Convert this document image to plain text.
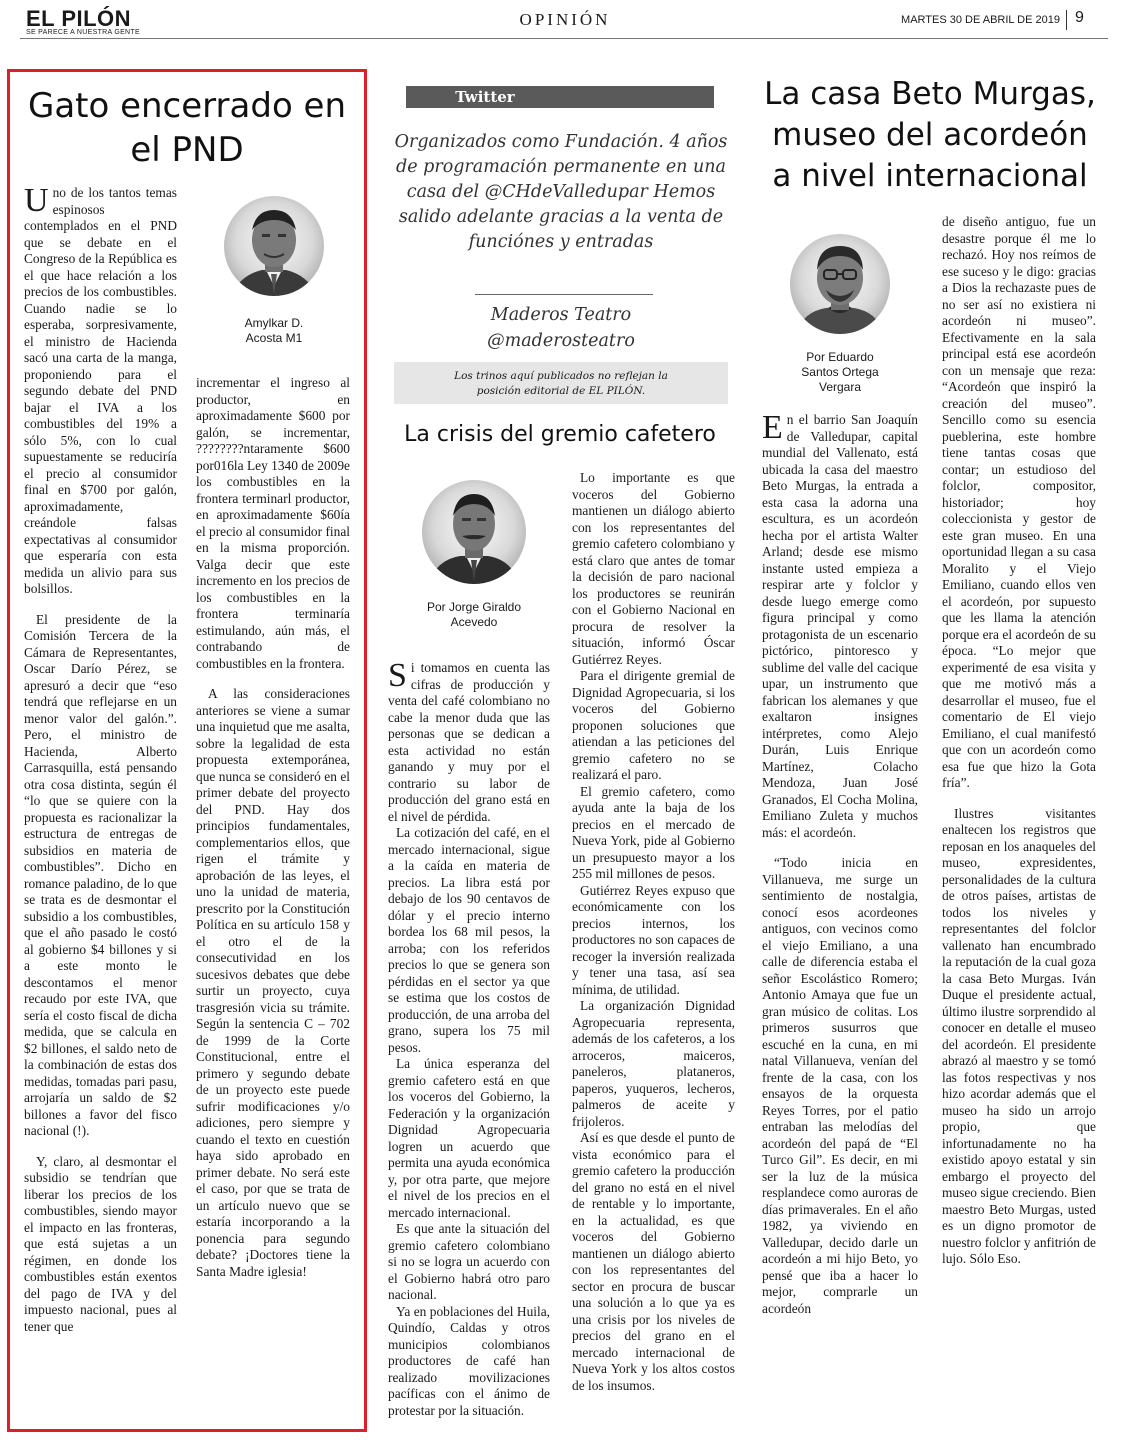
EL PILÓN
SE PARECE A NUESTRA GENTE
OPINIÓN	MARTES 30 DE ABRIL DE 2019 9
Gato encerrado en
el PND
Amylkar D.
Acosta M1

Uno de los tantos temas espinosos contemplados en el PND que se debate en el Congreso de la República es el que hace relación a los precios de los combustibles. Cuando nadie se lo esperaba, sorpresivamente, el ministro de Hacienda sacó una carta de la manga, proponiendo para el segundo debate del PND bajar el IVA a los combustibles del 19% a sólo 5%, con lo cual supuestamente se reduciría el precio al consumidor final en $700 por galón, aproximadamente, creándole falsas expectativas al consumidor que esperaría con esta medida un alivio para sus bolsillos.

El presidente de la Comisión Tercera de la Cámara de Representantes, Oscar Darío Pérez, se apresuró a decir que “eso tendrá que reflejarse en un menor valor del galón.”. Pero, el ministro de Hacienda, Alberto Carrasquilla, está pensando otra cosa distinta, según él “lo que se quiere con la propuesta es racionalizar la estructura de entregas de subsidios en materia de combustibles”. Dicho en romance paladino, de lo que se trata es de desmontar el subsidio a los combustibles, que el año pasado le costó al gobierno $4 billones y si a este monto le descontamos el menor recaudo por este IVA, que sería el costo fiscal de dicha medida, que se calcula en $2 billones, el saldo neto de la combinación de estas dos medidas, tomadas pari pasu, arrojaría un saldo de $2 billones a favor del fisco nacional (!).

Y, claro, al desmontar el subsidio se tendrían que liberar los precios de los combustibles, siendo mayor el impacto en las fronteras, que está sujetas a un régimen, en donde los combustibles están exentos del pago de IVA y del impuesto nacional, pues al tener que

incrementar el ingreso al productor, en aproximadamente $600 por galón, se incrementar, ????????ntaramente $600 por016la Ley 1340 de 2009e los combustibles en la frontera terminarl productor, en aproximadamente $60ía el precio al consumidor final en la misma proporción. Valga decir que este incremento en los precios de los combustibles en la frontera terminaría estimulando, aún más, el contrabando de combustibles en la frontera.

A las consideraciones anteriores se viene a sumar una inquietud que me asalta, sobre la legalidad de esta propuesta extemporánea, que nunca se consideró en el primer debate del proyecto del PND. Hay dos principios fundamentales, complementarios ellos, que rigen el trámite y aprobación de las leyes, el uno la unidad de materia, prescrito por la Constitución Política en su artículo 158 y el otro el de la consecutividad en los sucesivos debates que debe surtir un proyecto, cuya trasgresión vicia su trámite. Según la sentencia C – 702 de 1999 de la Corte Constitucional, entre el primero y segundo debate de un proyecto este puede sufrir modificaciones y/o adiciones, pero siempre y cuando el texto en cuestión haya sido aprobado en primer debate. No será este el caso, por que se trata de un artículo nuevo que se estaría incorporando a la ponencia para segundo debate? ¡Doctores tiene la Santa Madre iglesia!

Twitter
Organizados como Fundación. 4 años de programación permanente en una casa del @CHdeValledupar Hemos salido adelante gracias a la venta de funciónes y entradas
Maderos Teatro
@maderosteatro
Los trinos aquí publicados no reflejan la
posición editorial de EL PILÓN.
La crisis del gremio cafetero
Por Jorge Giraldo
Acevedo

Si tomamos en cuenta las cifras de producción y venta del café colombiano no cabe la menor duda que las personas que se dedican a esta actividad no están ganando y muy por el contrario su labor de producción del grano está en el nivel de pérdida.

La cotización del café, en el mercado internacional, sigue a la caída en materia de precios. La libra está por debajo de los 90 centavos de dólar y el precio interno bordea los 68 mil pesos, la arroba; con los referidos precios lo que se genera son pérdidas en el sector ya que se estima que los costos de producción, de una arroba del grano, supera los 75 mil pesos.

La única esperanza del gremio cafetero está en que los voceros del Gobierno, la Federación y la organización Dignidad Agropecuaria logren un acuerdo que permita una ayuda económica y, por otra parte, que mejore el nivel de los precios en el mercado internacional.

Es que ante la situación del gremio cafetero colombiano si no se logra un acuerdo con el Gobierno habrá otro paro nacional.

Ya en poblaciones del Huila, Quindío, Caldas y otros municipios colombianos productores de café han realizado movilizaciones pacíficas con el ánimo de protestar por la situación.

Lo importante es que voceros del Gobierno mantienen un diálogo abierto con los representantes del gremio cafetero colombiano y está claro que antes de tomar la decisión de paro nacional los productores se reunirán con el Gobierno Nacional en procura de resolver la situación, informó Óscar Gutiérrez Reyes.

Para el dirigente gremial de Dignidad Agropecuaria, si los voceros del Gobierno proponen soluciones que atiendan a las peticiones del gremio cafetero no se realizará el paro.

El gremio cafetero, como ayuda ante la baja de los precios en el mercado de Nueva York, pide al Gobierno un presupuesto mayor a los 255 mil millones de pesos.

Gutiérrez Reyes expuso que económicamente con los precios internos, los productores no son capaces de recoger la inversión realizada y tener una tasa, así sea mínima, de utilidad.

La organización Dignidad Agropecuaria representa, además de los cafeteros, a los arroceros, maiceros, paneleros, plataneros, paperos, yuqueros, lecheros, palmeros de aceite y frijoleros.

Así es que desde el punto de vista económico para el gremio cafetero la producción del grano no está en el nivel de rentable y lo importante, en la actualidad, es que voceros del Gobierno mantienen un diálogo abierto con los representantes del sector en procura de buscar una solución a lo que ya es una crisis por los niveles de precios del grano en el mercado internacional de Nueva York y los altos costos de los insumos.

La casa Beto Murgas,
museo del acordeón
a nivel internacional
Por Eduardo
Santos Ortega
Vergara

En el barrio San Joaquín de Valledupar, capital mundial del Vallenato, está ubicada la casa del maestro Beto Murgas, la entrada a esta casa la adorna una escultura, es un acordeón hecha por el artista Walter Arland; desde ese mismo instante usted empieza a respirar arte y folclor y desde luego emerge como figura principal y como protagonista de un escenario pictórico, pintoresco y sublime del valle del cacique upar, un instrumento que fabrican los alemanes y que exaltaron insignes intérpretes, como Alejo Durán, Luis Enrique Martínez, Colacho Mendoza, Juan José Granados, El Cocha Molina, Emiliano Zuleta y muchos más: el acordeón.

“Todo inicia en Villanueva, me surge un sentimiento de nostalgia, conocí esos acordeones antiguos, con vecinos como el viejo Emiliano, a una calle de diferencia estaba el señor Escolástico Romero; Antonio Amaya que fue un gran músico de colitas. Los primeros susurros que escuché en la cuna, en mi natal Villanueva, venían del frente de la casa, con los ensayos de la orquesta Reyes Torres, por el patio entraban las melodías del acordeón del papá de “El Turco Gil”. Es decir, en mi ser la luz de la música resplandece como auroras de días primaverales. En el año 1982, ya viviendo en Valledupar, decido darle un acordeón a mi hijo Beto, yo pensé que iba a hacer lo mejor, comprarle un acordeón

de diseño antiguo, fue un desastre porque él me lo rechazó. Hoy nos reímos de ese suceso y le digo: gracias a Dios la rechazaste pues de no ser así no existiera ni acordeón ni museo”. Efectivamente en la sala principal está ese acordeón con un mensaje que reza: “Acordeón que inspiró la creación del museo”. Sencillo como su esencia pueblerina, este hombre tiene tantas cosas que contar; un estudioso del folclor, compositor, historiador; hoy coleccionista y gestor de este gran museo. En una oportunidad llegan a su casa Moralito y el Viejo Emiliano, cuando ellos ven el acordeón, por supuesto que les llama la atención porque era el acordeón de su época. “Lo mejor que experimenté de esa visita y que me motivó más a desarrollar el museo, fue el comentario de El viejo Emiliano, el cual manifestó que con un acordeón como esa fue que hizo la Gota fría”.

Ilustres visitantes enaltecen los registros que reposan en los anaqueles del museo, expresidentes, personalidades de la cultura de otros países, artistas de todos los niveles y representantes del folclor vallenato han encumbrado la reputación de la cual goza la casa Beto Murgas. Iván Duque el presidente actual, último ilustre sorprendido al conocer en detalle el museo del acordeón. El presidente abrazó al maestro y se tomó las fotos respectivas y nos hizo acordar además que el museo ha sido un arrojo propio, que infortunadamente no ha existido apoyo estatal y sin embargo el proyecto del museo sigue creciendo. Bien maestro Beto Murgas, usted es un digno promotor de nuestro folclor y anfitrión de lujo. Sólo Eso.
